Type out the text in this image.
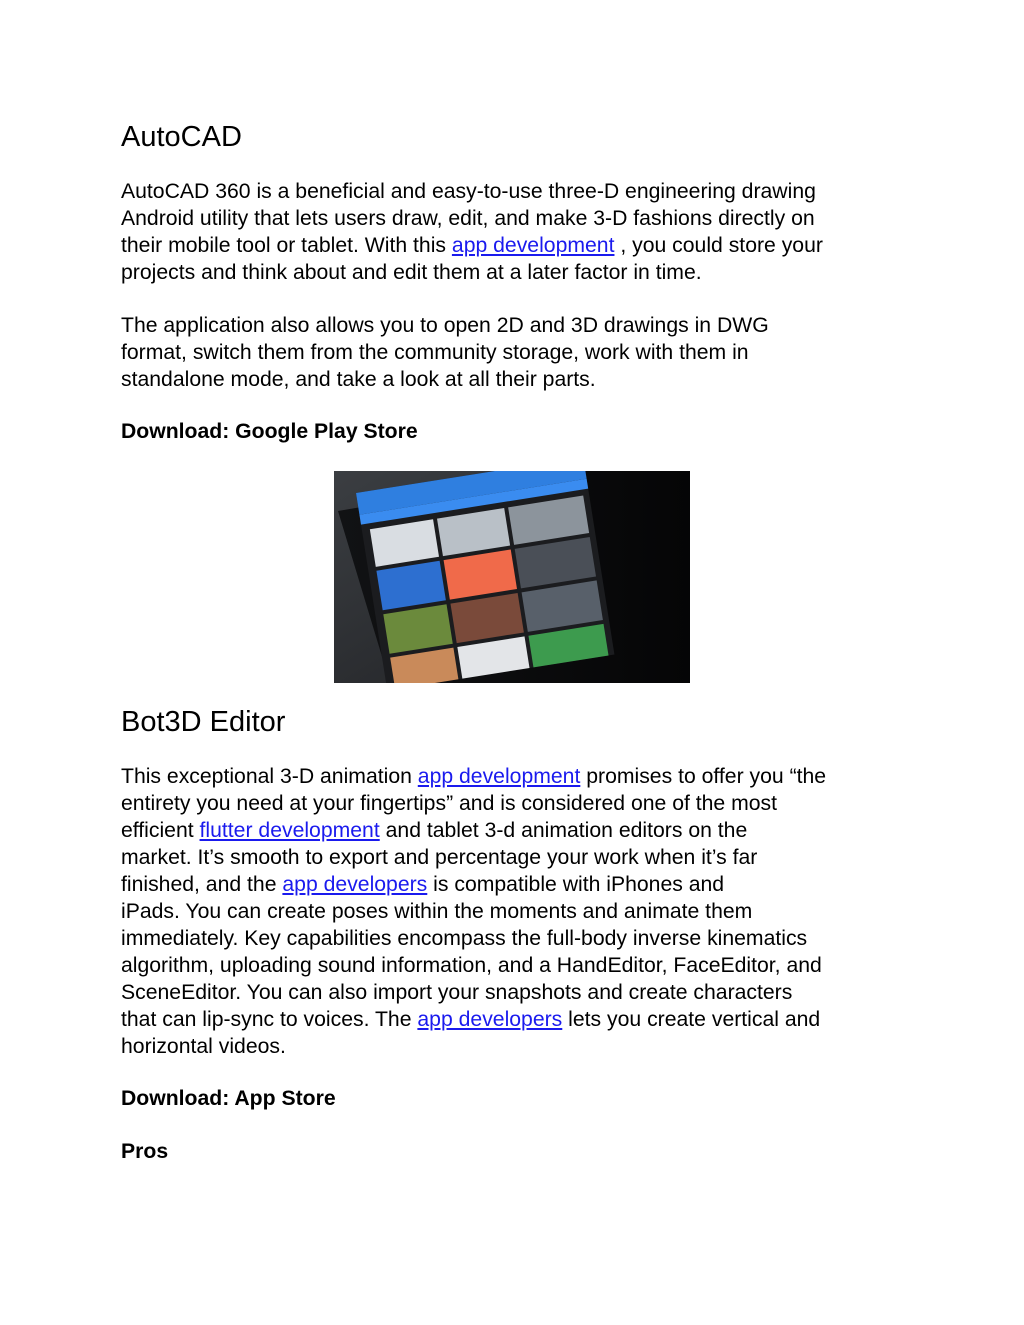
AutoCAD

AutoCAD 360 is a beneficial and easy-to-use three-D engineering drawing
Android utility that lets users draw, edit, and make 3-D fashions directly on
their mobile tool or tablet. With this app development , you could store your
projects and think about and edit them at a later factor in time.

The application also allows you to open 2D and 3D drawings in DWG
format, switch them from the community storage, work with them in
standalone mode, and take a look at all their parts.

Download: Google Play Store

Bot3D Editor

This exceptional 3-D animation app development promises to offer you “the
entirety you need at your fingertips” and is considered one of the most
efficient flutter development and tablet 3-d animation editors on the
market. It’s smooth to export and percentage your work when it’s far
finished, and the app developers is compatible with iPhones and
iPads. You can create poses within the moments and animate them
immediately. Key capabilities encompass the full-body inverse kinematics
algorithm, uploading sound information, and a HandEditor, FaceEditor, and
SceneEditor. You can also import your snapshots and create characters
that can lip-sync to voices. The app developers lets you create vertical and
horizontal videos.

Download: App Store

Pros
